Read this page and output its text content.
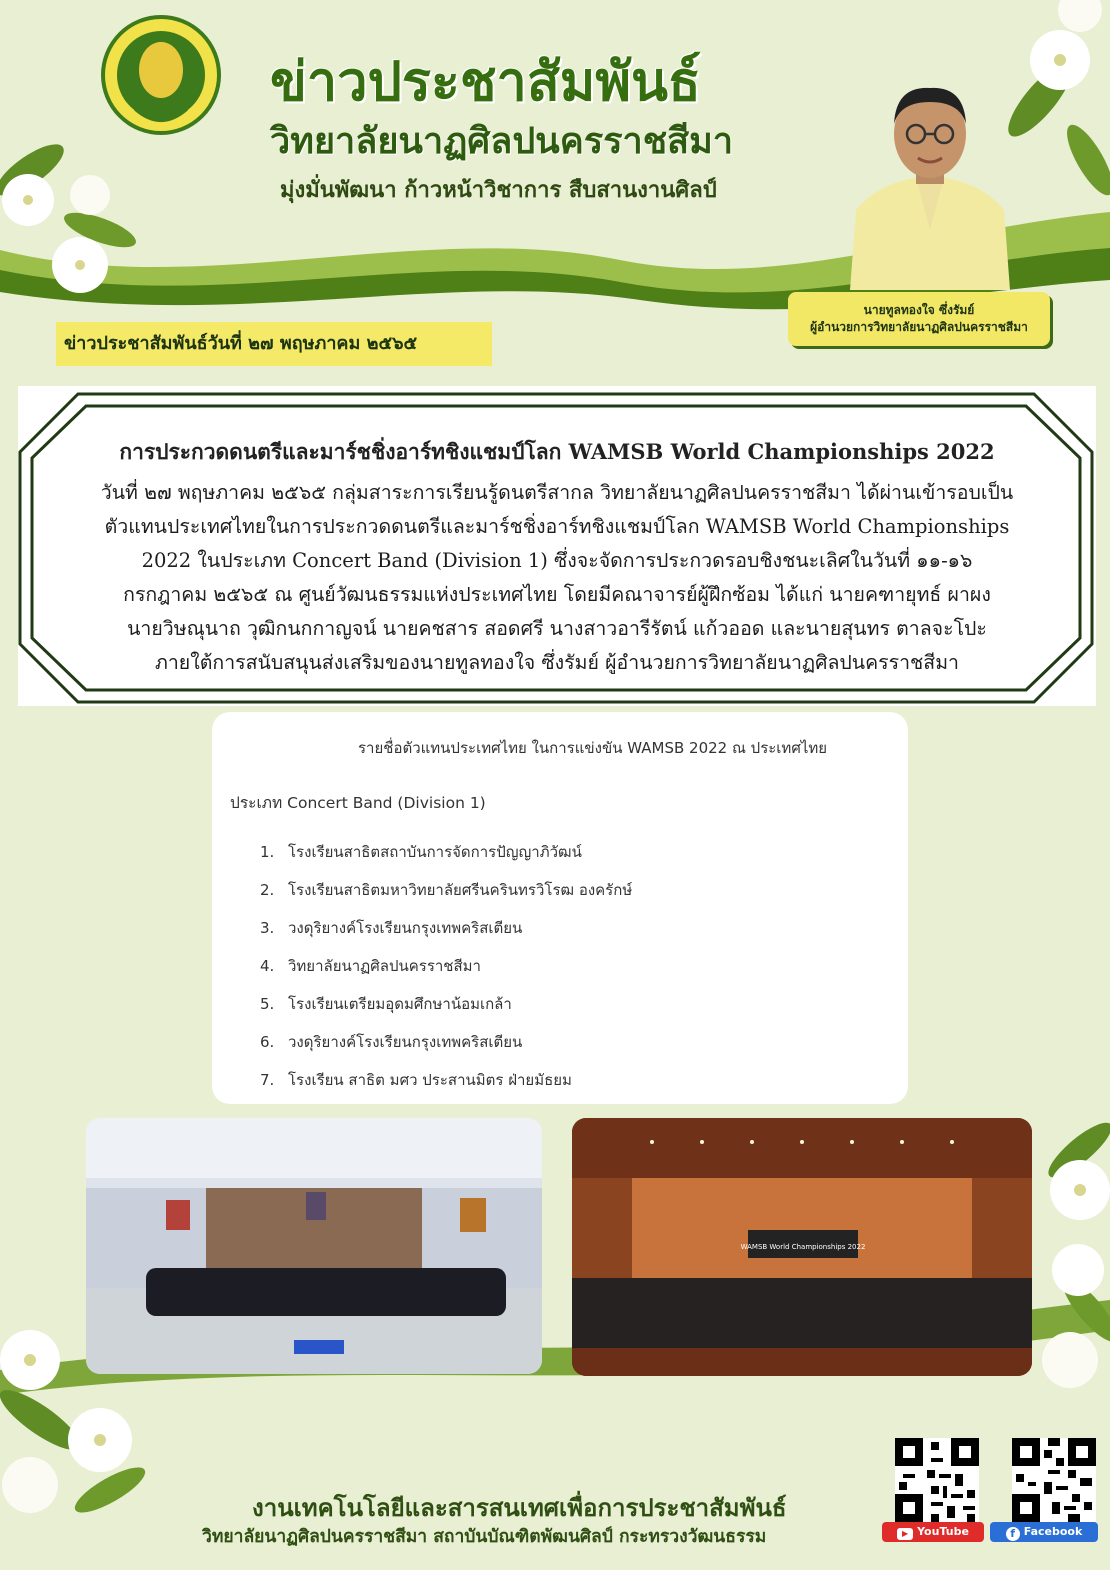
ข่าวประชาสัมพันธ์
วิทยาลัยนาฏศิลปนครราชสีมา
มุ่งมั่นพัฒนา ก้าวหน้าวิชาการ สืบสานงานศิลป์
นายทูลทองใจ ซึ่งรัมย์
ผู้อำนวยการวิทยาลัยนาฏศิลปนครราชสีมา
ข่าวประชาสัมพันธ์วันที่ ๒๗ พฤษภาคม ๒๕๖๕
การประกวดดนตรีและมาร์ชชิ่งอาร์ทชิงแชมป์โลก WAMSB World Championships 2022
วันที่ ๒๗ พฤษภาคม ๒๕๖๕ กลุ่มสาระการเรียนรู้ดนตรีสากล วิทยาลัยนาฏศิลปนครราชสีมา ได้ผ่านเข้ารอบเป็น
ตัวแทนประเทศไทยในการประกวดดนตรีและมาร์ชชิ่งอาร์ทชิงแชมป์โลก WAMSB World Championships
2022 ในประเภท Concert Band (Division 1) ซึ่งจะจัดการประกวดรอบชิงชนะเลิศในวันที่ ๑๑-๑๖
กรกฎาคม ๒๕๖๕ ณ ศูนย์วัฒนธรรมแห่งประเทศไทย โดยมีคณาจารย์ผู้ฝึกซ้อม ได้แก่ นายคฑายุทธ์ ผาผง
นายวิษณุนาถ วุฒิกนกกาญจน์ นายคชสาร สอดศรี นางสาวอารีรัตน์ แก้วออด และนายสุนทร ตาลจะโปะ
ภายใต้การสนับสนุนส่งเสริมของนายทูลทองใจ ซึ่งรัมย์ ผู้อำนวยการวิทยาลัยนาฏศิลปนครราชสีมา
รายชื่อตัวแทนประเทศไทย ในการแข่งขัน WAMSB 2022 ณ ประเทศไทย
ประเภท Concert Band (Division 1)
1. โรงเรียนสาธิตสถาบันการจัดการปัญญาภิวัฒน์
2. โรงเรียนสาธิตมหาวิทยาลัยศรีนครินทรวิโรฒ องครักษ์
3. วงดุริยางค์โรงเรียนกรุงเทพคริสเตียน
4. วิทยาลัยนาฏศิลปนครราชสีมา
5. โรงเรียนเตรียมอุดมศึกษาน้อมเกล้า
6. วงดุริยางค์โรงเรียนกรุงเทพคริสเตียน
7. โรงเรียน สาธิต มศว ประสานมิตร ฝ่ายมัธยม
WAMSB World Championships 2022
งานเทคโนโลยีและสารสนเทศเพื่อการประชาสัมพันธ์
วิทยาลัยนาฏศิลปนครราชสีมา สถาบันบัณฑิตพัฒนศิลป์ กระทรวงวัฒนธรรม	▶ YouTube	f Facebook
